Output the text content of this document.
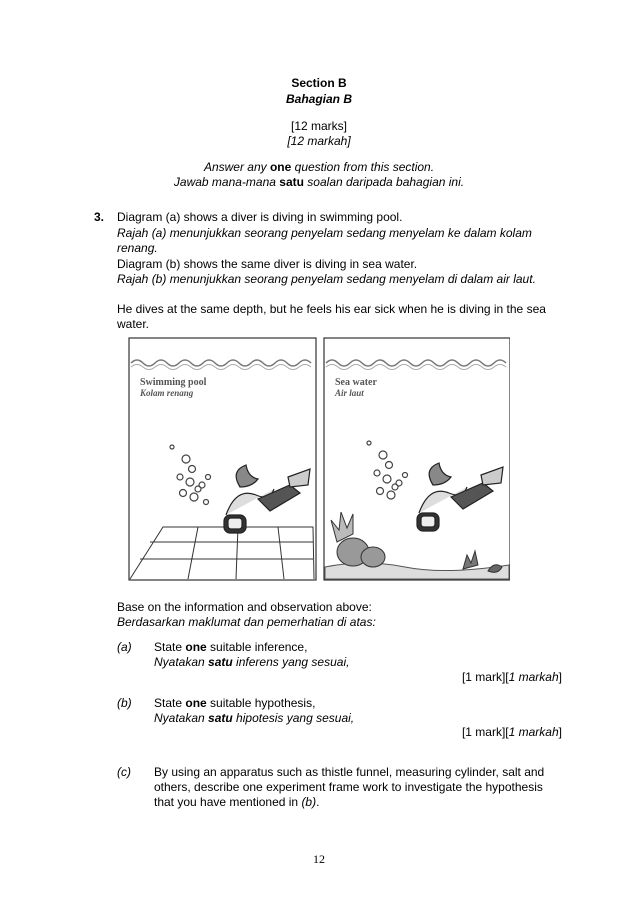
Section B
Bahagian B
[12 marks]
[12 markah]
Answer any one question from this section.
Jawab mana-mana satu soalan daripada bahagian ini.
3. Diagram (a) shows a diver is diving in swimming pool.

Rajah (a) menunjukkan seorang penyelam sedang menyelam ke dalam kolam renang.

Diagram (b) shows the same diver is diving in sea water.

Rajah (b) menunjukkan seorang penyelam sedang menyelam di dalam air laut.

He dives at the same depth, but he feels his ear sick when he is diving in the sea water.

Swimming pool
Kolam renang
Sea water
Air laut
Base on the information and observation above:
Berdasarkan maklumat dan pemerhatian di atas:
(a) State one suitable inference,
Nyatakan satu inferens yang sesuai,
[1 mark][1 markah]
(b) State one suitable hypothesis,
Nyatakan satu hipotesis yang sesuai,
[1 mark][1 markah]
(c) By using an apparatus such as thistle funnel, measuring cylinder, salt and others, describe one experiment frame work to investigate the hypothesis that you have mentioned in (b).
12
